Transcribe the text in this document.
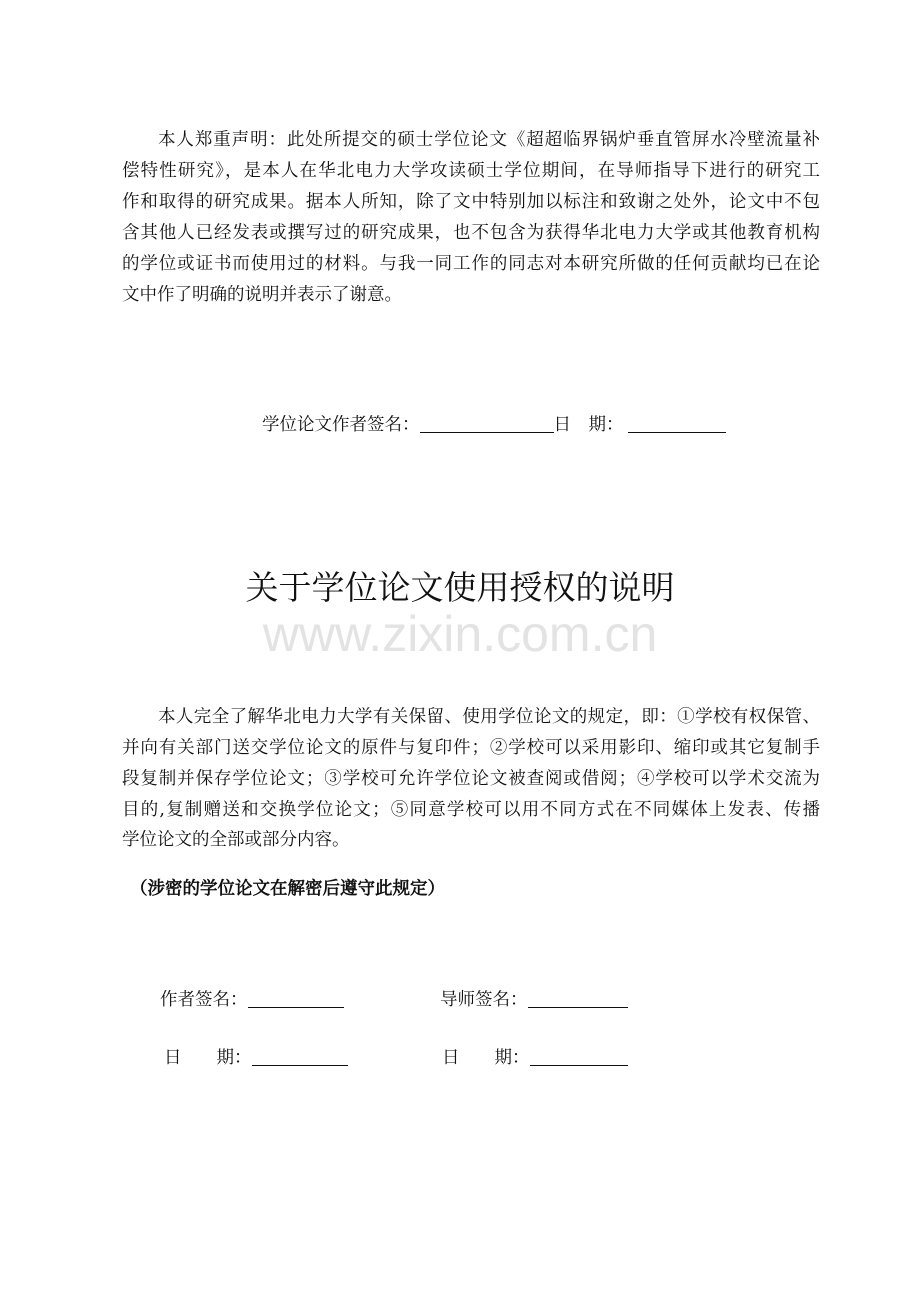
本人郑重声明：此处所提交的硕士学位论文《超超临界锅炉垂直管屏水冷壁流量补
偿特性研究》，是本人在华北电力大学攻读硕士学位期间，在导师指导下进行的研究工
作和取得的研究成果。据本人所知，除了文中特别加以标注和致谢之处外，论文中不包
含其他人已经发表或撰写过的研究成果，也不包含为获得华北电力大学或其他教育机构
的学位或证书而使用过的材料。与我一同工作的同志对本研究所做的任何贡献均已在论
文中作了明确的说明并表示了谢意。
学位论文作者签名：	日　期：
关于学位论文使用授权的说明
www.zixin.com.cn
本人完全了解华北电力大学有关保留、使用学位论文的规定，即：①学校有权保管、
并向有关部门送交学位论文的原件与复印件；②学校可以采用影印、缩印或其它复制手
段复制并保存学位论文；③学校可允许学位论文被查阅或借阅；④学校可以学术交流为
目的,复制赠送和交换学位论文；⑤同意学校可以用不同方式在不同媒体上发表、传播
学位论文的全部或部分内容。
（涉密的学位论文在解密后遵守此规定）
作者签名：	导师签名：
日　　期：	日　　期：
